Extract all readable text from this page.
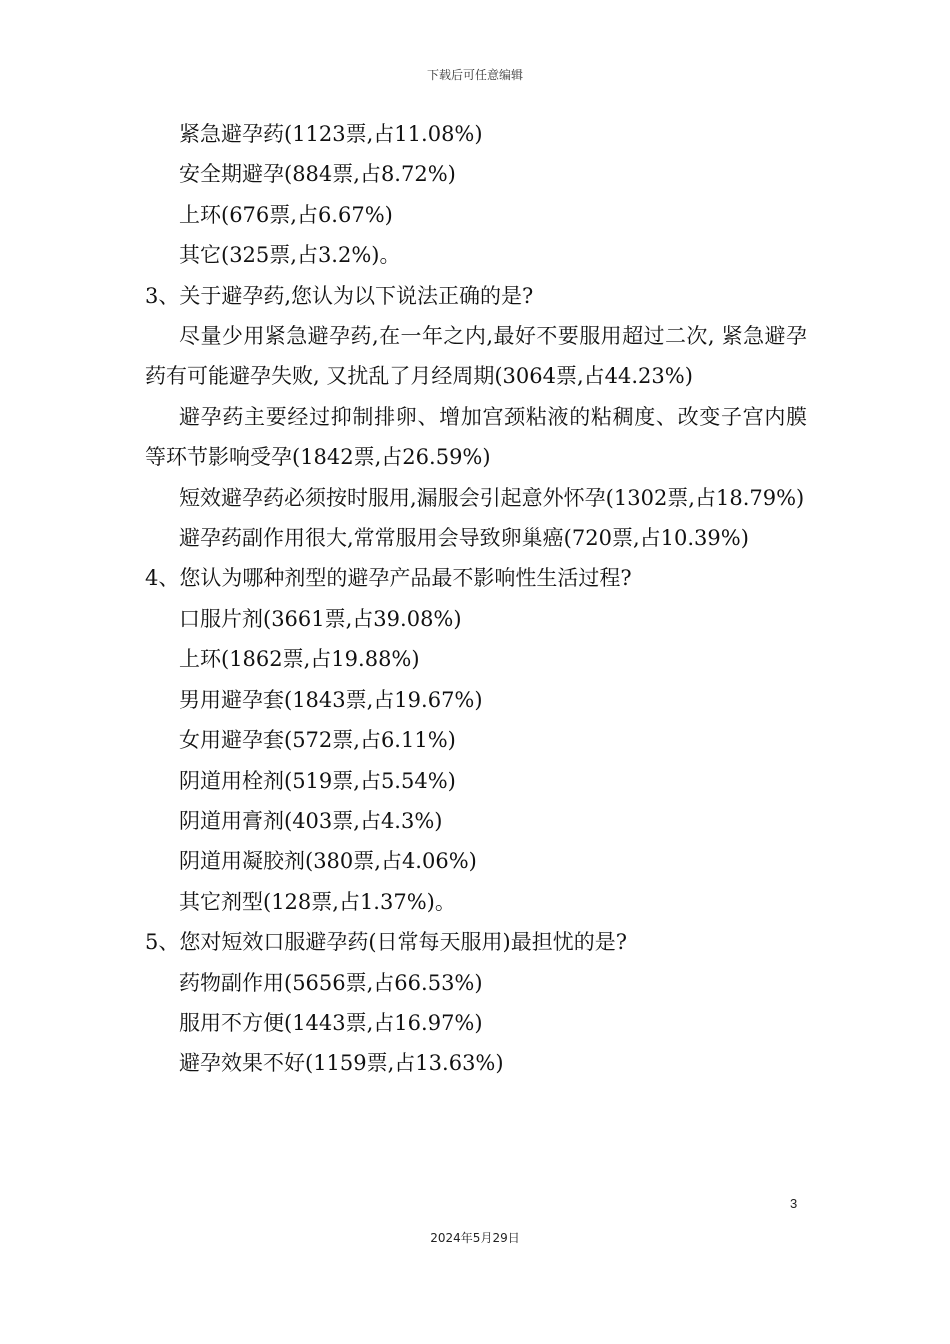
下载后可任意编辑
紧急避孕药(1123票,占11.08%)
安全期避孕(884票,占8.72%)
上环(676票,占6.67%)
其它(325票,占3.2%)。
3、关于避孕药,您认为以下说法正确的是?
尽量少用紧急避孕药,在一年之内,最好不要服用超过二次, 紧急避孕药有可能避孕失败, 又扰乱了月经周期(3064票,占44.23%)
避孕药主要经过抑制排卵、增加宫颈粘液的粘稠度、改变子宫内膜等环节影响受孕(1842票,占26.59%)
短效避孕药必须按时服用,漏服会引起意外怀孕(1302票,占18.79%)
避孕药副作用很大,常常服用会导致卵巢癌(720票,占10.39%)
4、您认为哪种剂型的避孕产品最不影响性生活过程?
口服片剂(3661票,占39.08%)
上环(1862票,占19.88%)
男用避孕套(1843票,占19.67%)
女用避孕套(572票,占6.11%)
阴道用栓剂(519票,占5.54%)
阴道用膏剂(403票,占4.3%)
阴道用凝胶剂(380票,占4.06%)
其它剂型(128票,占1.37%)。
5、您对短效口服避孕药(日常每天服用)最担忧的是?
药物副作用(5656票,占66.53%)
服用不方便(1443票,占16.97%)
避孕效果不好(1159票,占13.63%)
3
2024年5月29日
